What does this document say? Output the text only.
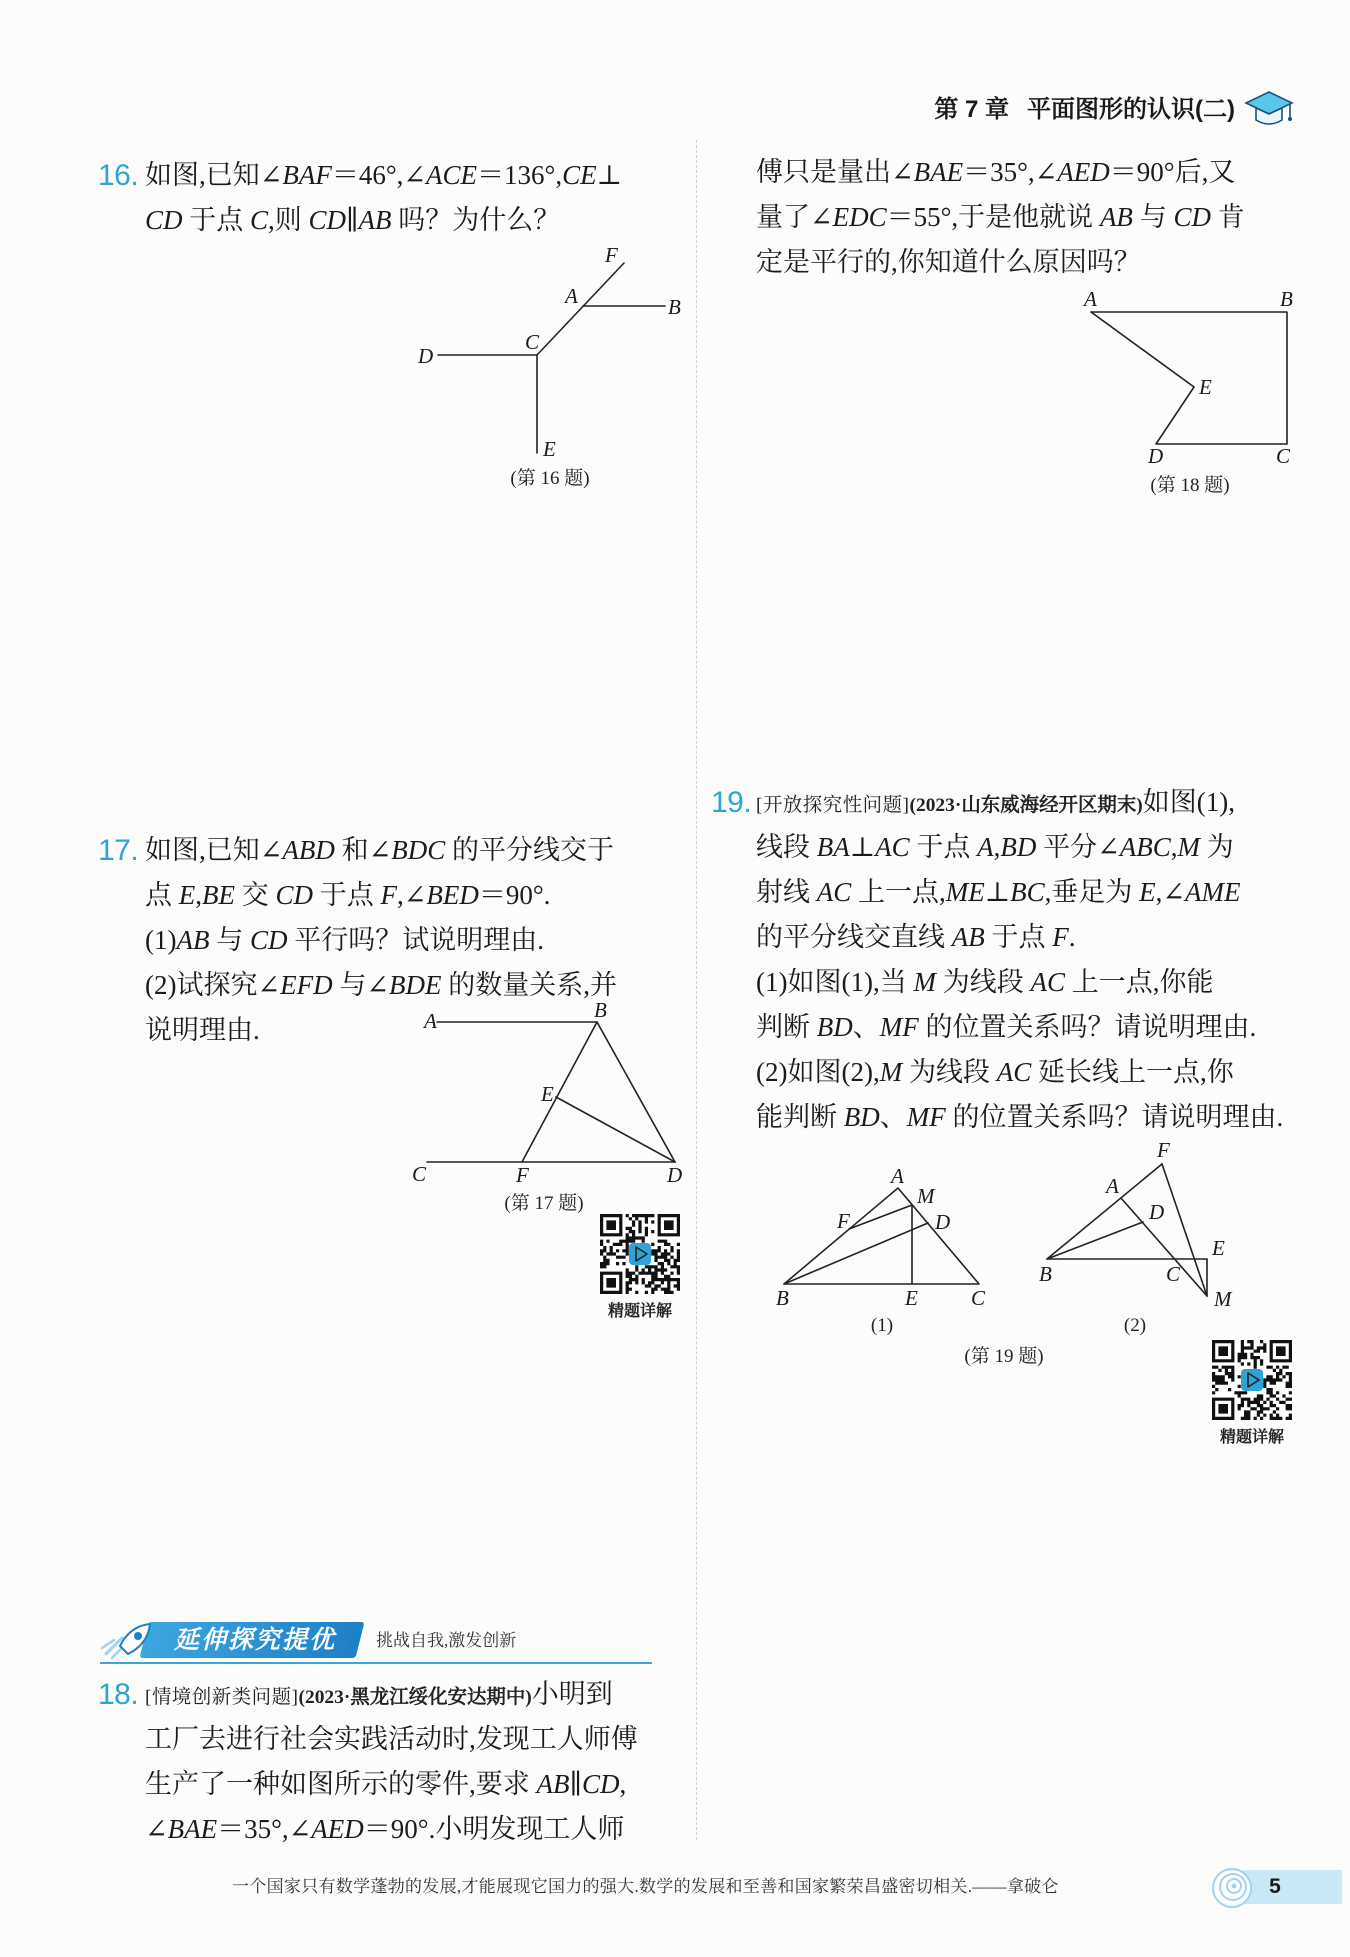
第 7 章 平面图形的认识(二)
16. 如图,已知∠BAF＝46°,∠ACE＝136°,CE⊥
CD 于点 C,则 CD∥AB 吗？为什么？
17. 如图,已知∠ABD 和∠BDC 的平分线交于
点 E,BE 交 CD 于点 F,∠BED＝90°.
(1)AB 与 CD 平行吗？试说明理由.
(2)试探究∠EFD 与∠BDE 的数量关系,并
说明理由.
延伸探究提优	挑战自我,激发创新
18. [情境创新类问题](2023·黑龙江绥化安达期中)小明到
工厂去进行社会实践活动时,发现工人师傅
生产了一种如图所示的零件,要求 AB∥CD,
∠BAE＝35°,∠AED＝90°.小明发现工人师
傅只是量出∠BAE＝35°,∠AED＝90°后,又
量了∠EDC＝55°,于是他就说 AB 与 CD 肯
定是平行的,你知道什么原因吗？
19. [开放探究性问题](2023·山东威海经开区期末)如图(1),
线段 BA⊥AC 于点 A,BD 平分∠ABC,M 为
射线 AC 上一点,ME⊥BC,垂足为 E,∠AME
的平分线交直线 AB 于点 F.
(1)如图(1),当 M 为线段 AC 上一点,你能
判断 BD、MF 的位置关系吗？请说明理由.
(2)如图(2),M 为线段 AC 延长线上一点,你
能判断 BD、MF 的位置关系吗？请说明理由.
F
A	B
D
C
E
(第 16 题)
A	B
E
C	F	D
(第 17 题)
精题详解
A	B
E
D	C
(第 18 题)
A
M
F	D
B	E	C
(1)
F
A
D
E
B	C
M
(2)
(第 19 题)
精题详解
一个国家只有数学蓬勃的发展,才能展现它国力的强大.数学的发展和至善和国家繁荣昌盛密切相关.——拿破仑	5
